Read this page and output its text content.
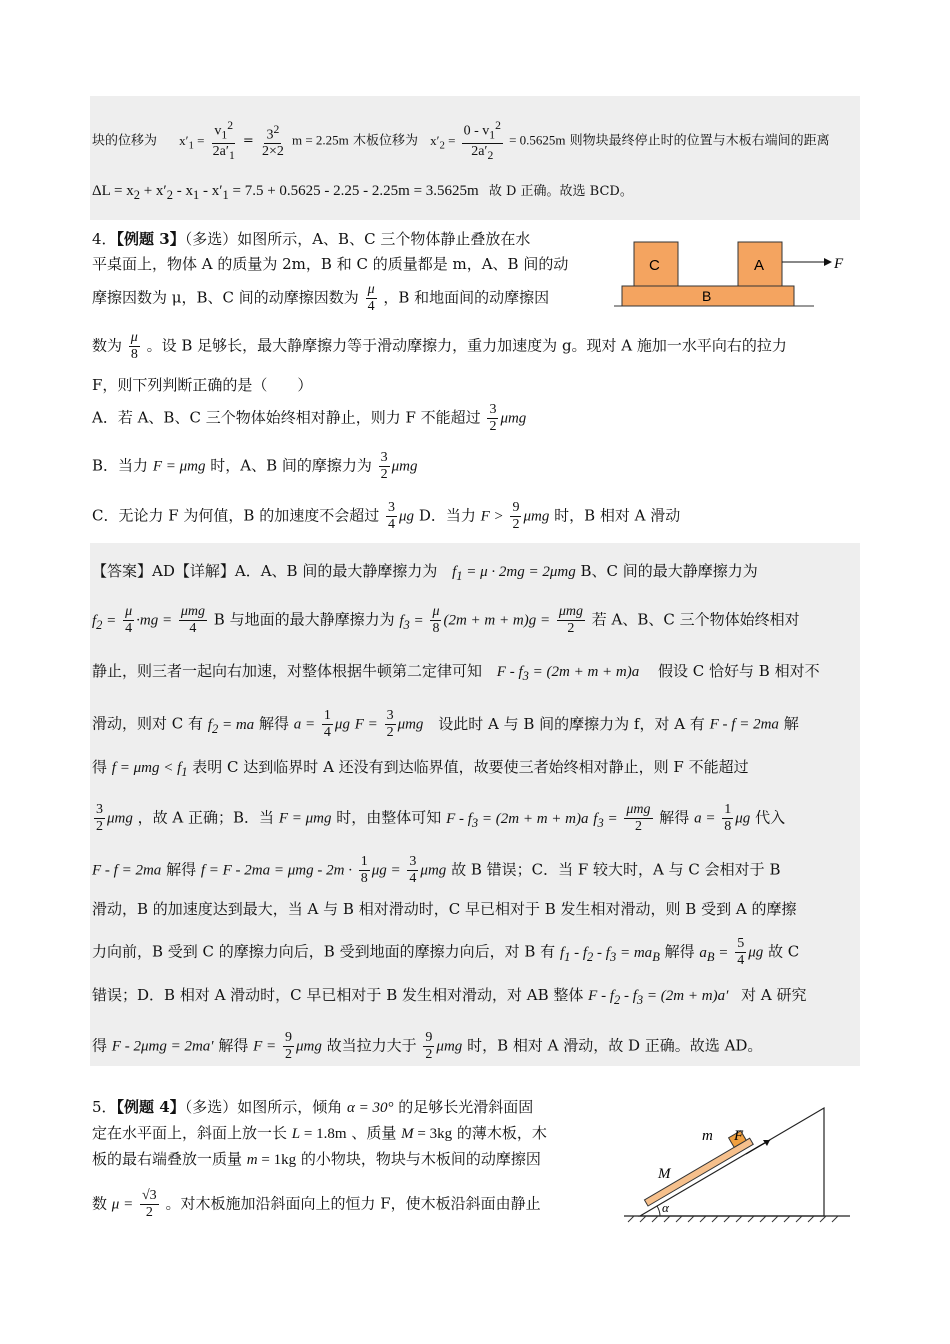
块的位移为 $x'_1 = \frac{v_1^2}{2a'_1} = \frac{3^2}{2\times 2}$ m = 2.25m 木板位移为 $x'_2 = \frac{0 - v_1^2}{2a'_2} = 0.5625m$ 则物块最终停止时的位置与木板右端间的距离
$\Delta L = x_2 + x'_2 - x_1 - x'_1 = 7.5 + 0.5625 - 2.25 - 2.25m = 3.5625m$ 故 D 正确。故选 BCD。
4．【例题 3】（多选）如图所示，A、B、C 三个物体静止叠放在水
平桌面上，物体 A 的质量为 2m，B 和 C 的质量都是 m，A、B 间的动
摩擦因数为 μ，B、C 间的动摩擦因数为 $\frac{\mu}{4}$ ，B 和地面间的动摩擦因
数为 $\frac{\mu}{8}$ 。设 B 足够长，最大静摩擦力等于滑动摩擦力，重力加速度为 g。现对 A 施加一水平向右的拉力
F，则下列判断正确的是（　　）
C	A
B
F
A．若 A、B、C 三个物体始终相对静止，则力 F 不能超过 $\frac{3}{2}$ μmg
B．当力 F = μmg 时，A、B 间的摩擦力为 $\frac{3}{2}$ μmg
C．无论力 F 为何值，B 的加速度不会超过 $\frac{3}{4}$ μg D．当力 $F > \frac{9}{2}$ μmg 时，B 相对 A 滑动
【答案】AD【详解】A．A、B 间的最大静摩擦力为 $f_1 = \mu \cdot 2mg = 2\mu mg$ B、C 间的最大静摩擦力为
$f_2 = \frac{\mu}{4} \cdot mg = \frac{\text{μmg}}{4}$ B 与地面的最大静摩擦力为 $f_3 = \frac{\mu}{8} (2m + m + m)g = \frac{\text{μmg}}{2}$ 若 A、B、C 三个物体始终相对
静止，则三者一起向右加速，对整体根据牛顿第二定律可知 $F - f_3 = (2m + m + m)a$ 假设 C 恰好与 B 相对不
滑动，则对 C 有 $f_2$ = ma 解得 $a = \frac{1}{4}$ μg $F = \frac{3}{2}$ μmg 设此时 A 与 B 间的摩擦力为 f，对 A 有 F - f = 2ma 解
得 $f = \mu mg < f_1$ 表明 C 达到临界时 A 还没有到达临界值，故要使三者始终相对静止，则 F 不能超过
$\frac{3}{2}$ μmg ，故 A 正确；B．当 F = μmg 时，由整体可知 $F - f_3 = (2m + m + m)a$ $f_3 = \frac{\text{μmg}}{2}$ 解得 $a = \frac{1}{8}$ μg 代入
F - f = 2ma 解得 $f = F - 2ma = \mu mg - 2m \cdot \frac{1}{8}$ $\mu g = \frac{3}{4}$ μmg 故 B 错误；C．当 F 较大时，A 与 C 会相对于 B
滑动，B 的加速度达到最大，当 A 与 B 相对滑动时，C 早已相对于 B 发生相对滑动，则 B 受到 A 的摩擦
力向前，B 受到 C 的摩擦力向后，B 受到地面的摩擦力向后，对 B 有 $f_1 - f_2 - f_3 = ma_B$ 解得 $a_B = \frac{5}{4}$ μg 故 C
错误；D．B 相对 A 滑动时，C 早已相对于 B 发生相对滑动，对 AB 整体 $F - f_2 - f_3 = (2m + m)a'$ 对 A 研究
得 F - 2μmg = 2ma′ 解得 $F = \frac{9}{2}$ μmg 故当拉力大于 $\frac{9}{2}$ μmg 时，B 相对 A 滑动，故 D 正确。故选 AD。
5．【例题 4】（多选）如图所示，倾角 α = 30° 的足够长光滑斜面固
定在水平面上，斜面上放一长 L = 1.8m 、质量 M = 3kg 的薄木板，木
板的最右端叠放一质量 m = 1kg 的小物块，物块与木板间的动摩擦因
数 $\mu = \frac{√3}{2}$ 。对木板施加沿斜面向上的恒力 F，使木板沿斜面由静止
m F
M
α
